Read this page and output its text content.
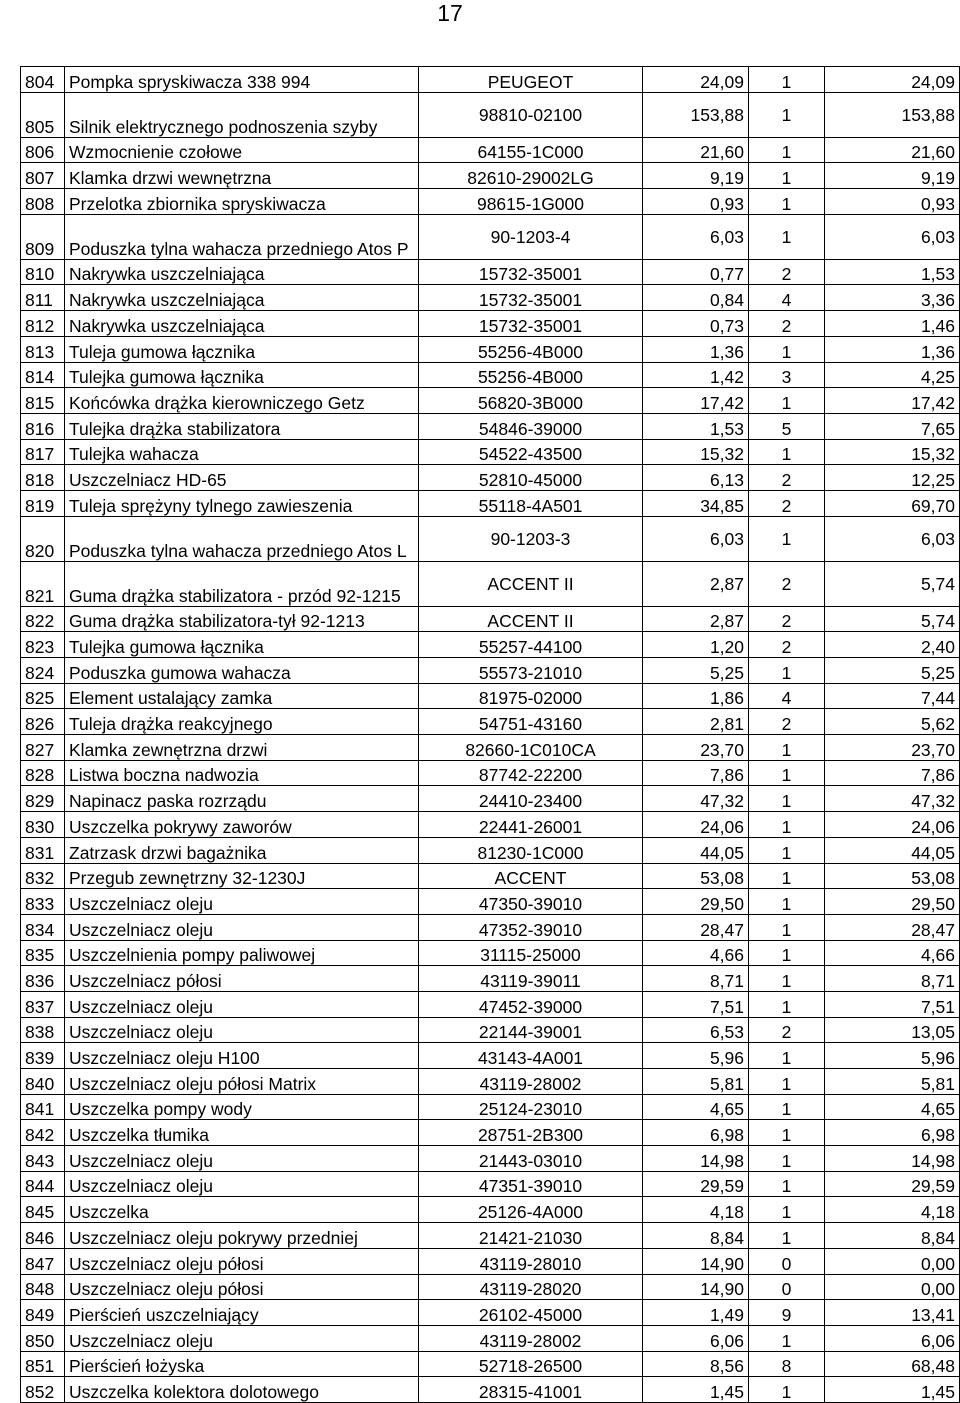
17
804	Pompka spryskiwacza 338 994	PEUGEOT	24,09	1	24,09
805	Silnik elektrycznego podnoszenia szyby	98810-02100	153,88	1	153,88
806	Wzmocnienie czołowe	64155-1C000	21,60	1	21,60
807	Klamka drzwi wewnętrzna	82610-29002LG	9,19	1	9,19
808	Przelotka zbiornika spryskiwacza	98615-1G000	0,93	1	0,93
809	Poduszka tylna wahacza przedniego Atos P	90-1203-4	6,03	1	6,03
810	Nakrywka uszczelniająca	15732-35001	0,77	2	1,53
811	Nakrywka uszczelniająca	15732-35001	0,84	4	3,36
812	Nakrywka uszczelniająca	15732-35001	0,73	2	1,46
813	Tuleja gumowa łącznika	55256-4B000	1,36	1	1,36
814	Tulejka gumowa łącznika	55256-4B000	1,42	3	4,25
815	Końcówka drążka kierowniczego Getz	56820-3B000	17,42	1	17,42
816	Tulejka drążka stabilizatora	54846-39000	1,53	5	7,65
817	Tulejka wahacza	54522-43500	15,32	1	15,32
818	Uszczelniacz HD-65	52810-45000	6,13	2	12,25
819	Tuleja sprężyny tylnego zawieszenia	55118-4A501	34,85	2	69,70
820	Poduszka tylna wahacza przedniego Atos L	90-1203-3	6,03	1	6,03
821	Guma drążka stabilizatora - przód 92-1215	ACCENT II	2,87	2	5,74
822	Guma drążka stabilizatora-tył 92-1213	ACCENT II	2,87	2	5,74
823	Tulejka gumowa łącznika	55257-44100	1,20	2	2,40
824	Poduszka gumowa wahacza	55573-21010	5,25	1	5,25
825	Element ustalający zamka	81975-02000	1,86	4	7,44
826	Tuleja drążka reakcyjnego	54751-43160	2,81	2	5,62
827	Klamka zewnętrzna drzwi	82660-1C010CA	23,70	1	23,70
828	Listwa boczna nadwozia	87742-22200	7,86	1	7,86
829	Napinacz paska rozrządu	24410-23400	47,32	1	47,32
830	Uszczelka pokrywy zaworów	22441-26001	24,06	1	24,06
831	Zatrzask drzwi bagażnika	81230-1C000	44,05	1	44,05
832	Przegub zewnętrzny 32-1230J	ACCENT	53,08	1	53,08
833	Uszczelniacz oleju	47350-39010	29,50	1	29,50
834	Uszczelniacz oleju	47352-39010	28,47	1	28,47
835	Uszczelnienia pompy paliwowej	31115-25000	4,66	1	4,66
836	Uszczelniacz półosi	43119-39011	8,71	1	8,71
837	Uszczelniacz oleju	47452-39000	7,51	1	7,51
838	Uszczelniacz oleju	22144-39001	6,53	2	13,05
839	Uszczelniacz oleju H100	43143-4A001	5,96	1	5,96
840	Uszczelniacz oleju półosi Matrix	43119-28002	5,81	1	5,81
841	Uszczelka pompy wody	25124-23010	4,65	1	4,65
842	Uszczelka tłumika	28751-2B300	6,98	1	6,98
843	Uszczelniacz oleju	21443-03010	14,98	1	14,98
844	Uszczelniacz oleju	47351-39010	29,59	1	29,59
845	Uszczelka	25126-4A000	4,18	1	4,18
846	Uszczelniacz oleju pokrywy przedniej	21421-21030	8,84	1	8,84
847	Uszczelniacz oleju półosi	43119-28010	14,90	0	0,00
848	Uszczelniacz oleju półosi	43119-28020	14,90	0	0,00
849	Pierścień uszczelniający	26102-45000	1,49	9	13,41
850	Uszczelniacz oleju	43119-28002	6,06	1	6,06
851	Pierścień łożyska	52718-26500	8,56	8	68,48
852	Uszczelka kolektora dolotowego	28315-41001	1,45	1	1,45
